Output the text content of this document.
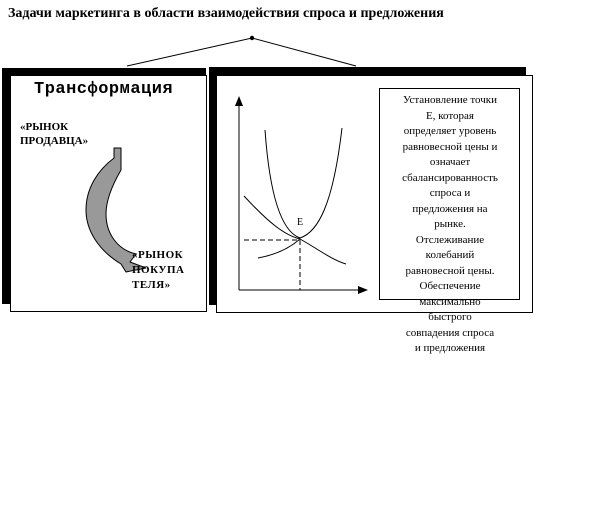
Задачи маркетинга в области взаимодействия спроса и предложения
Трансформация
«РЫНОК
ПРОДАВЦА»
«РЫНОК
ПОКУПА
ТЕЛЯ»
E
Установление точки
Е, которая
определяет уровень
равновесной цены и
означает
сбалансированность
спроса и
предложения на
рынке.
Отслеживание
колебаний
равновесной цены.
Обеспечение
максимально
быстрого
совпадения спроса
и предложения
